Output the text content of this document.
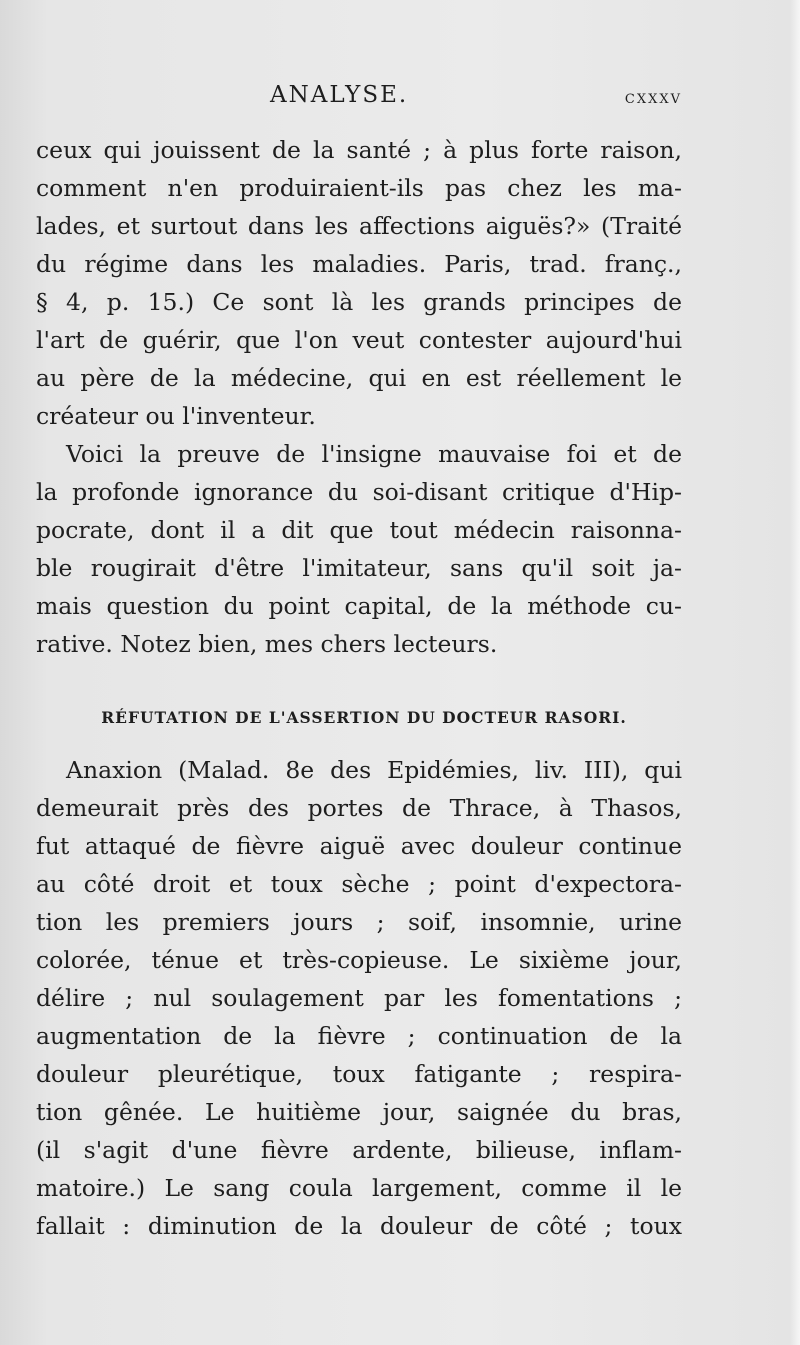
ANALYSE.	cxxxv
ceux qui jouissent de la santé ; à plus forte raison,
comment n'en produiraient-ils pas chez les ma-
lades, et surtout dans les affections aiguës?» (Traité
du régime dans les maladies. Paris, trad. franç.,
§ 4, p. 15.) Ce sont là les grands principes de
l'art de guérir, que l'on veut contester aujourd'hui
au père de la médecine, qui en est réellement le
créateur ou l'inventeur.
Voici la preuve de l'insigne mauvaise foi et de
la profonde ignorance du soi-disant critique d'Hip-
pocrate, dont il a dit que tout médecin raisonna-
ble rougirait d'être l'imitateur, sans qu'il soit ja-
mais question du point capital, de la méthode cu-
rative. Notez bien, mes chers lecteurs.
RÉFUTATION DE L'ASSERTION DU DOCTEUR RASORI.
Anaxion (Malad. 8e des Epidémies, liv. III), qui
demeurait près des portes de Thrace, à Thasos,
fut attaqué de fièvre aiguë avec douleur continue
au côté droit et toux sèche ; point d'expectora-
tion les premiers jours ; soif, insomnie, urine
colorée, ténue et très-copieuse. Le sixième jour,
délire ; nul soulagement par les fomentations ;
augmentation de la fièvre ; continuation de la
douleur pleurétique, toux fatigante ; respira-
tion gênée. Le huitième jour, saignée du bras,
(il s'agit d'une fièvre ardente, bilieuse, inflam-
matoire.) Le sang coula largement, comme il le
fallait : diminution de la douleur de côté ; toux
